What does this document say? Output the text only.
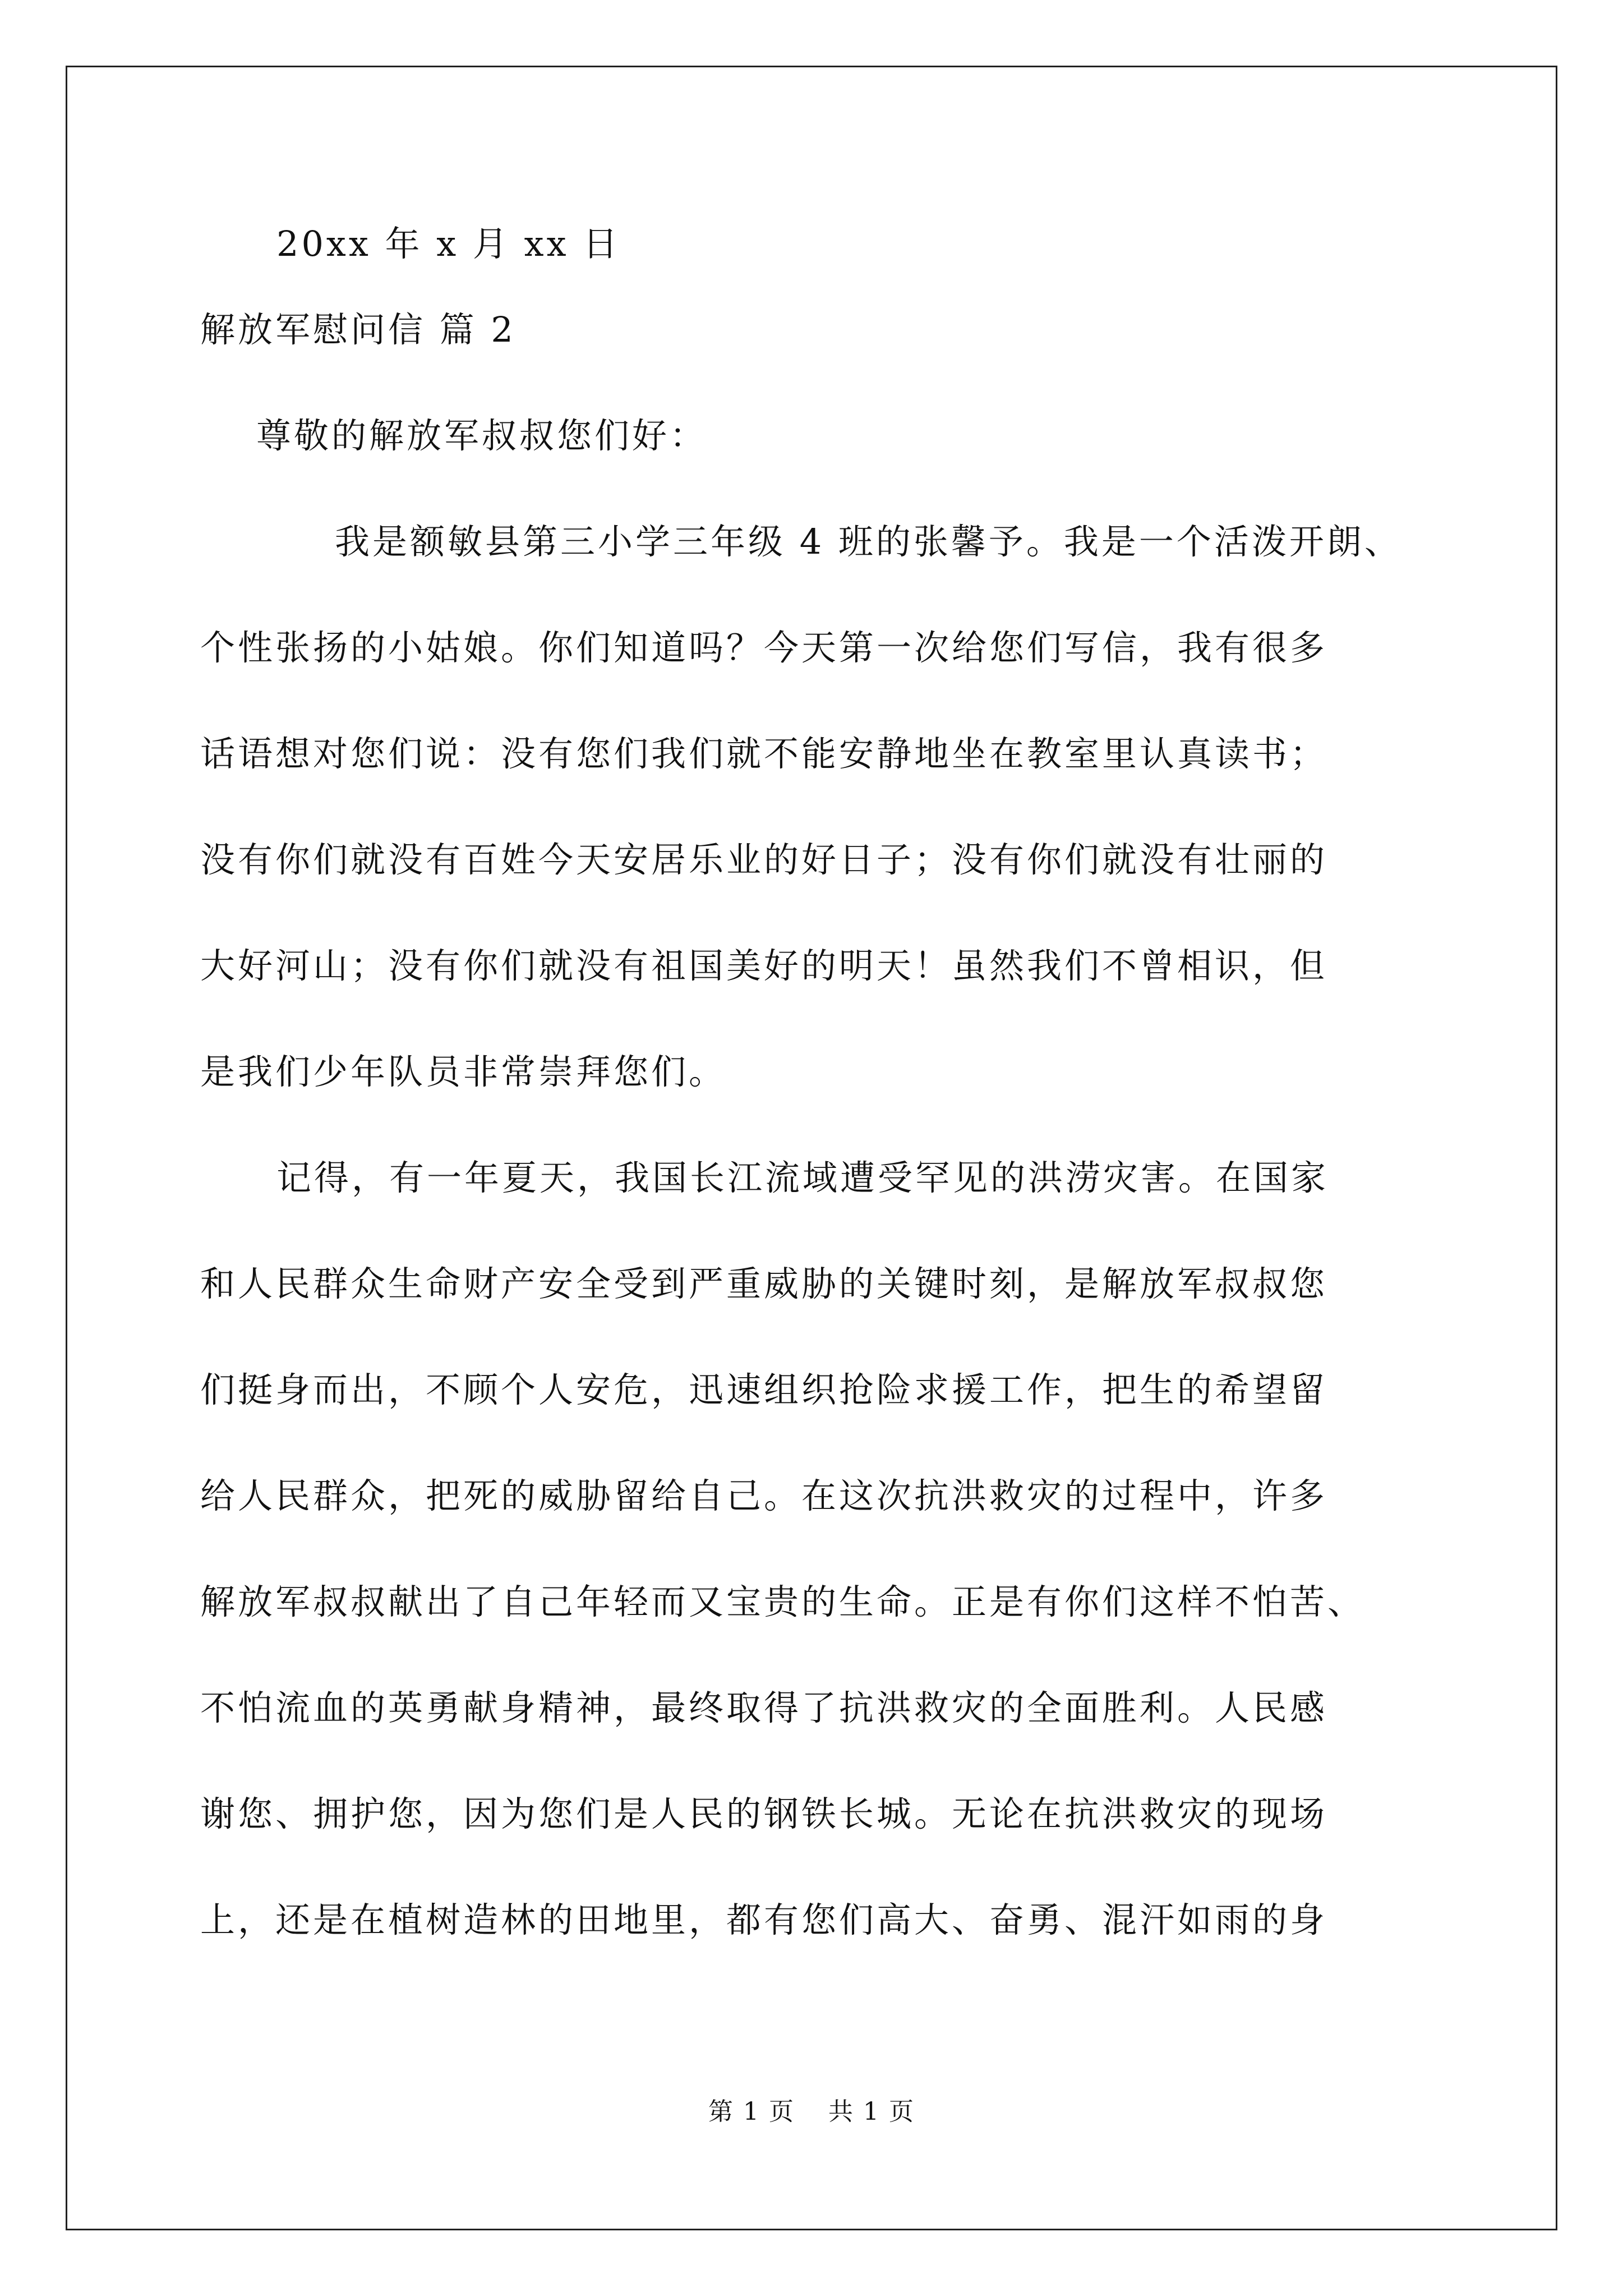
20xx 年 x 月 xx 日
解放军慰问信 篇 2
尊敬的解放军叔叔您们好：
我是额敏县第三小学三年级 4 班的张馨予。我是一个活泼开朗、
个性张扬的小姑娘。你们知道吗？今天第一次给您们写信，我有很多
话语想对您们说：没有您们我们就不能安静地坐在教室里认真读书；
没有你们就没有百姓今天安居乐业的好日子；没有你们就没有壮丽的
大好河山；没有你们就没有祖国美好的明天！虽然我们不曾相识，但
是我们少年队员非常崇拜您们。
记得，有一年夏天，我国长江流域遭受罕见的洪涝灾害。在国家
和人民群众生命财产安全受到严重威胁的关键时刻，是解放军叔叔您
们挺身而出，不顾个人安危，迅速组织抢险求援工作，把生的希望留
给人民群众，把死的威胁留给自己。在这次抗洪救灾的过程中，许多
解放军叔叔献出了自己年轻而又宝贵的生命。正是有你们这样不怕苦、
不怕流血的英勇献身精神，最终取得了抗洪救灾的全面胜利。人民感
谢您、拥护您，因为您们是人民的钢铁长城。无论在抗洪救灾的现场
上，还是在植树造林的田地里，都有您们高大、奋勇、混汗如雨的身
第 1 页 共 1 页
